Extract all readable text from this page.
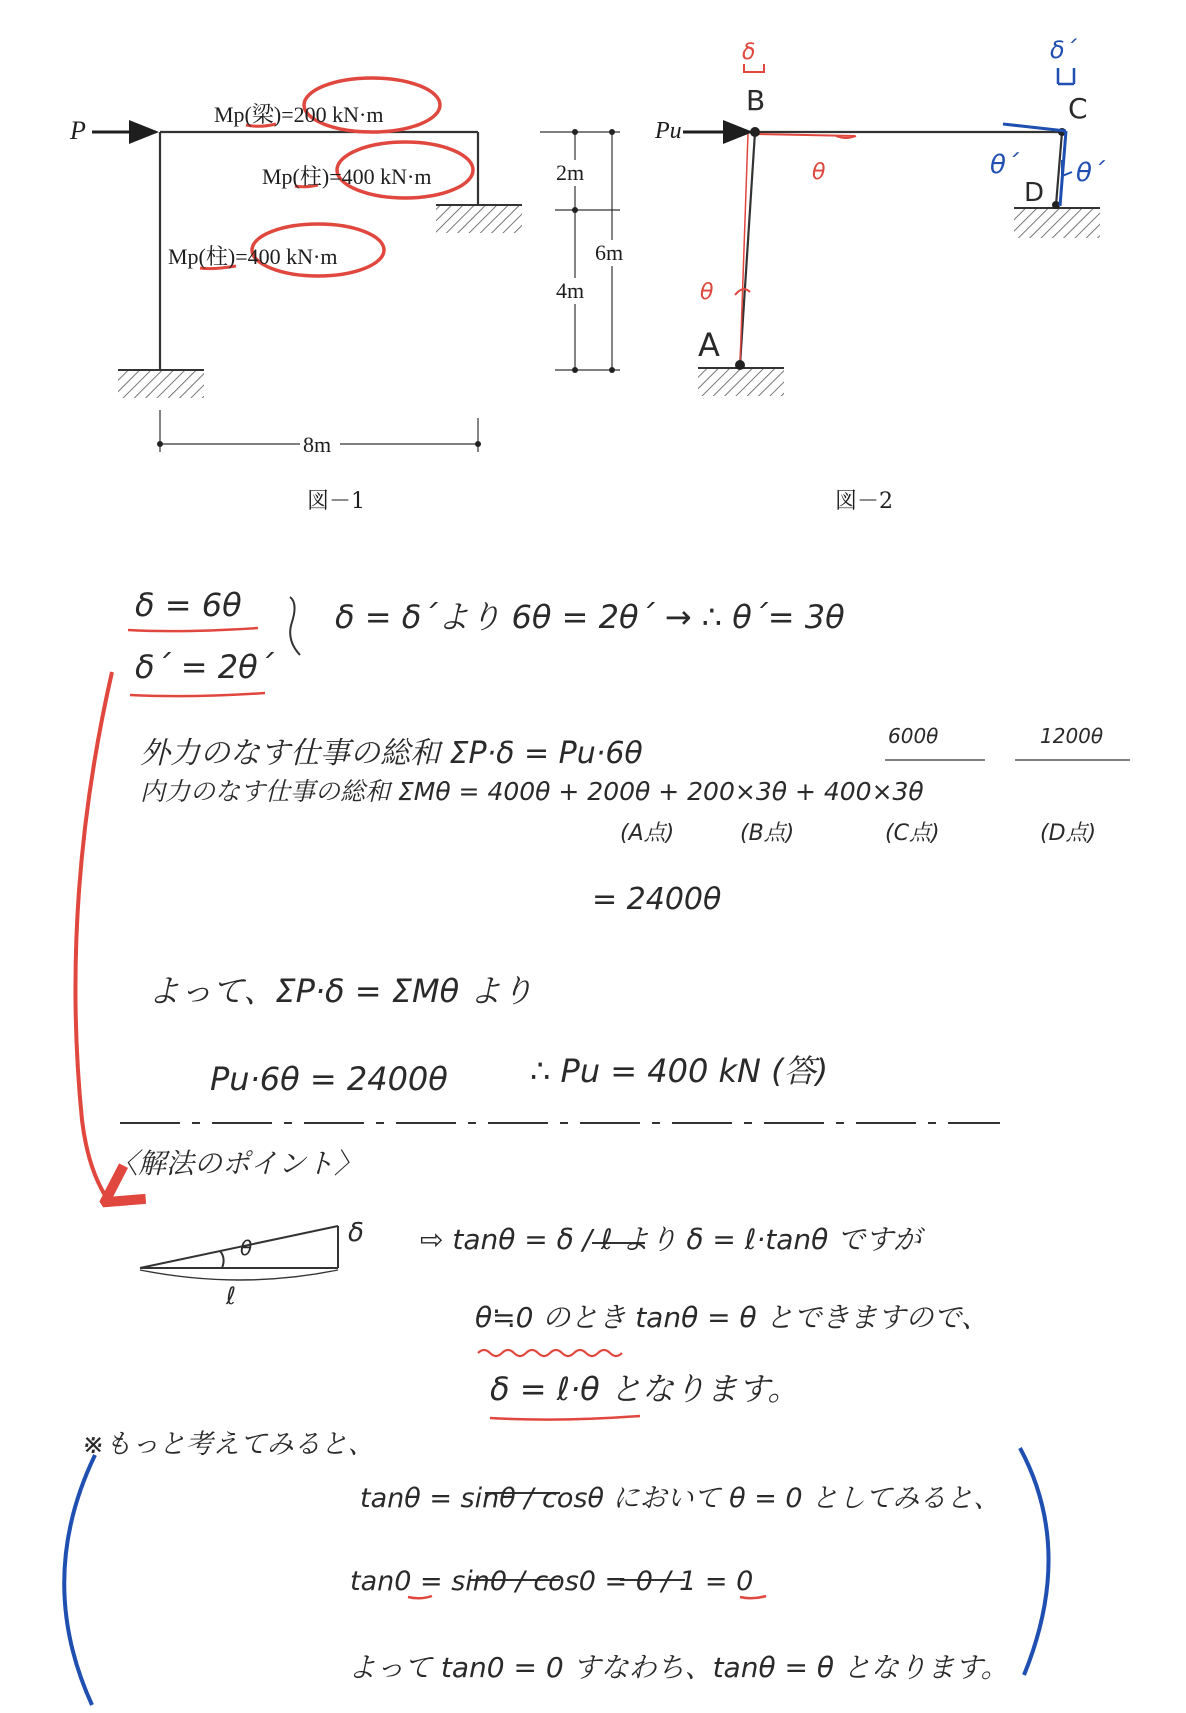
P
Mp(梁)=200 kN·m
Mp(柱)=400 kN·m
Mp(柱)=400 kN·m
2m
4m
6m
8m
図－1
Pu
δ
B
θ
θ
A
δ´
C
θ´ θ´
D
図－2
δ = 6θ
δ´ = 2θ´
δ = δ´より 6θ = 2θ´ → ∴ θ´= 3θ
外力のなす仕事の総和 ΣP·δ = Pu·6θ	600θ	1200θ
内力のなす仕事の総和 ΣMθ = 400θ + 200θ + 200×3θ + 400×3θ
(A点)	(B点)	(C点)	(D点)
= 2400θ
よって、ΣP·δ = ΣMθ より
Pu·6θ = 2400θ	∴ Pu = 400 kN (答)
〈解法のポイント〉
δ
θ
ℓ
⇨ tanθ = δ / ℓ より δ = ℓ·tanθ ですが
θ≒0 のとき tanθ = θ とできますので、
δ = ℓ·θ となります。
※もっと考えてみると、
tanθ = sinθ / cosθ において θ = 0 としてみると、
tan0 = sin0 / cos0 = 0 / 1 = 0
よって tan0 = 0 すなわち、tanθ = θ となります。
